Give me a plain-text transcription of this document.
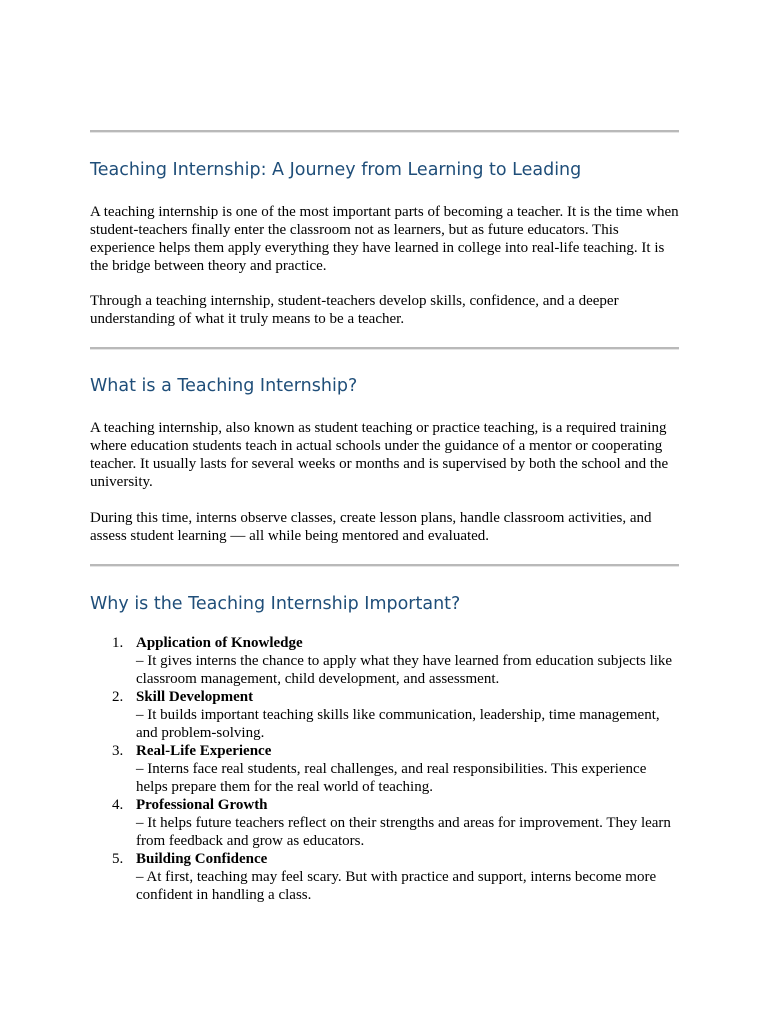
Teaching Internship: A Journey from Learning to Leading

A teaching internship is one of the most important parts of becoming a teacher. It is the time when student-teachers finally enter the classroom not as learners, but as future educators. This experience helps them apply everything they have learned in college into real-life teaching. It is the bridge between theory and practice.

Through a teaching internship, student-teachers develop skills, confidence, and a deeper understanding of what it truly means to be a teacher.

What is a Teaching Internship?

A teaching internship, also known as student teaching or practice teaching, is a required training where education students teach in actual schools under the guidance of a mentor or cooperating teacher. It usually lasts for several weeks or months and is supervised by both the school and the university.

During this time, interns observe classes, create lesson plans, handle classroom activities, and assess student learning — all while being mentored and evaluated.

Why is the Teaching Internship Important?
1. Application of Knowledge
– It gives interns the chance to apply what they have learned from education subjects like classroom management, child development, and assessment.
2. Skill Development
– It builds important teaching skills like communication, leadership, time management, and problem-solving.
3. Real-Life Experience
– Interns face real students, real challenges, and real responsibilities. This experience helps prepare them for the real world of teaching.
4. Professional Growth
– It helps future teachers reflect on their strengths and areas for improvement. They learn from feedback and grow as educators.
5. Building Confidence
– At first, teaching may feel scary. But with practice and support, interns become more confident in handling a class.
